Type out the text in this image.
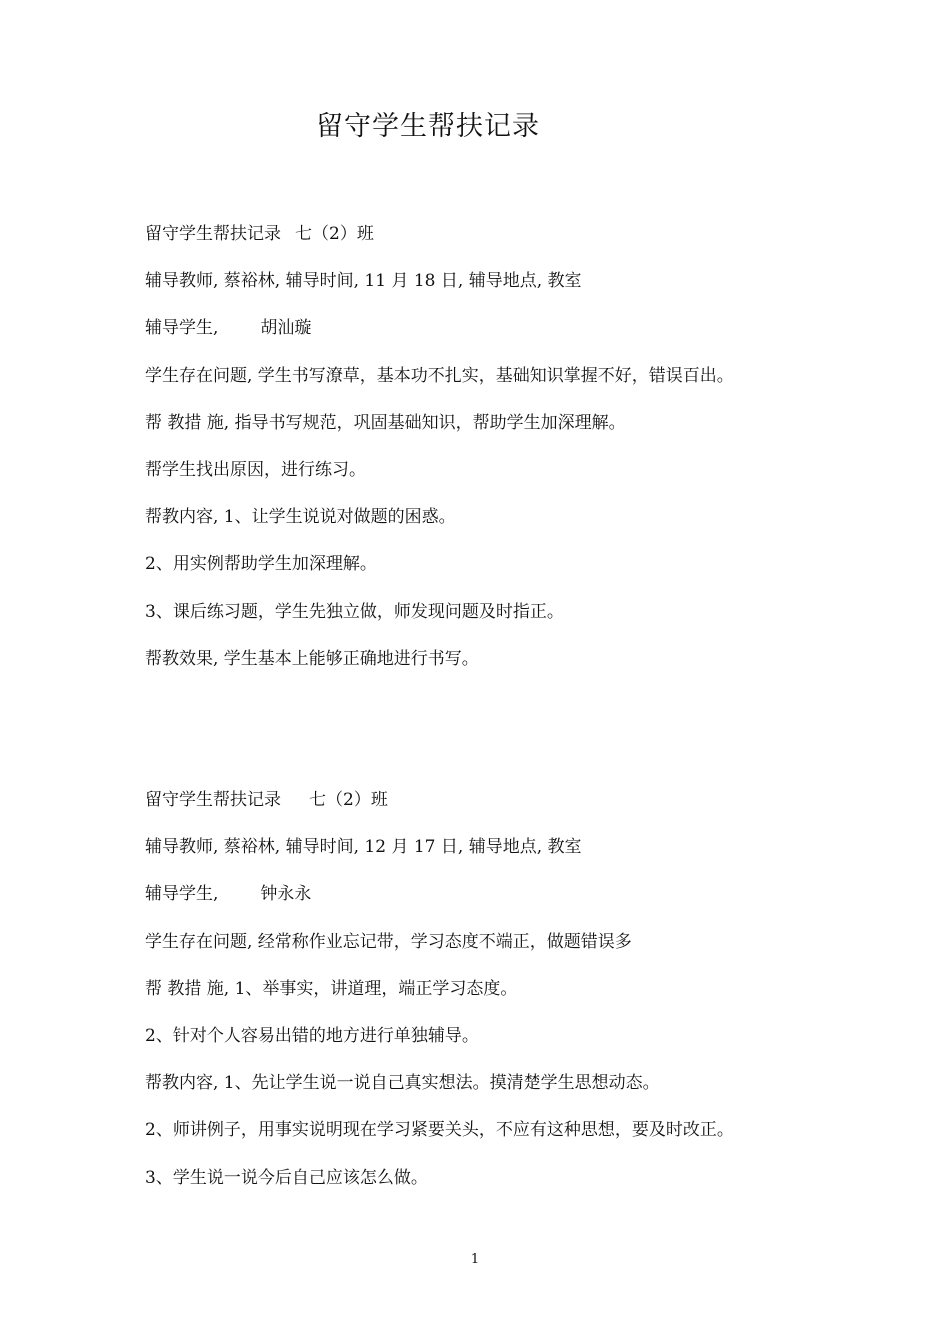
留守学生帮扶记录
留守学生帮扶记录 七（2）班
辅导教师, 蔡裕林, 辅导时间, 11 月 18 日, 辅导地点, 教室
辅导学生, 胡汕璇
学生存在问题, 学生书写潦草，基本功不扎实，基础知识掌握不好，错误百出。
帮 教措 施, 指导书写规范，巩固基础知识，帮助学生加深理解。
帮学生找出原因，进行练习。
帮教内容, 1、让学生说说对做题的困惑。
2、用实例帮助学生加深理解。
3、课后练习题，学生先独立做，师发现问题及时指正。
帮教效果, 学生基本上能够正确地进行书写。
留守学生帮扶记录 七（2）班
辅导教师, 蔡裕林, 辅导时间, 12 月 17 日, 辅导地点, 教室
辅导学生, 钟永永
学生存在问题, 经常称作业忘记带，学习态度不端正，做题错误多
帮 教措 施, 1、举事实，讲道理，端正学习态度。
2、针对个人容易出错的地方进行单独辅导。
帮教内容, 1、先让学生说一说自己真实想法。摸清楚学生思想动态。
2、师讲例子，用事实说明现在学习紧要关头，不应有这种思想，要及时改正。
3、学生说一说今后自己应该怎么做。
1
